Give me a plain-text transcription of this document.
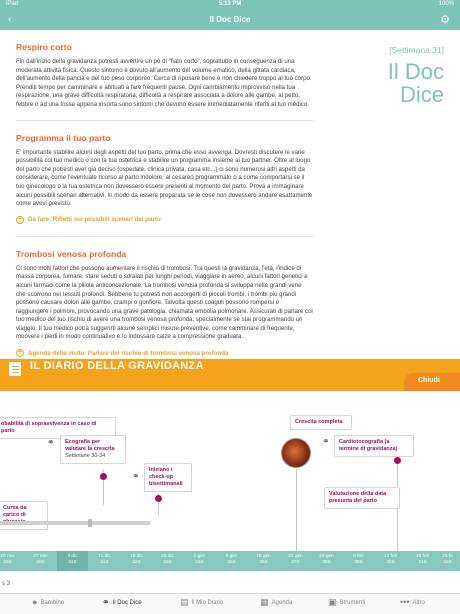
iPad	5:13 PM	100%
‹	Il Doc Dice	⚙
Respiro corto

Fin dall'inizio della gravidanza potresti avvertire un pò di "fiato corto", soprattutto in conseguenza di una moderata attività fisica. Questo sintomo è dovuto all'aumento del volume ematico, della gittata cardiaca, dell'aumento della pancia e del tuo peso corporeo. Cerca di riposare bene e non chiedere troppo al tuo corpo. Prenditi tempo per camminare e abituati a fare frequenti pause. Ogni cambiamento improvviso nella tua respirazione, una grave difficoltà respiratoria, difficoltà a respirare associata a dolore alle gambe, al petto, febbre o ad una tosse appena insorta sono sintomi che devono essere immediatamente riferiti al tuo medico.

Programma il tuo parto

E' importante stabilire alcuni degli aspetti del tuo parto, prima che esso avvenga. Dovresti discutere le varie possibilità col tuo medico o con la tua ostetrica e stabilire un programma insieme al tuo partner. Oltre al luogo del parto che potresti aver già deciso (ospedale, clinica privata, casa etc...) ci sono numerosi altri aspetti da considerare, come l'eventuale ricorso al parto indolore, al cesareo programmato o a come comportarsi se il tuo ginecologo o la tua ostetrica non dovessero essere presenti al momento del parto. Prova a immaginare alcuni possibili scenari alternativi, in modo da essere preparata se le cose non dovessero andare esattamente come avevi previsto.

+ Da fare: Rifletti sui possibili scenari del parto
Trombosi venosa profonda

Ci sono molti fattori che possono aumentare il rischio di trombosi. Tra questi la gravidanza, l'età, l'indice di massa corporea, fumare, stare seduti o sdraiati per lunghi periodi, viaggiare in aereo, alcuni fattori genetici e alcuni farmaci come la pillola anticoncezionale. La trombosi venosa profonda si sviluppa nelle grandi vene che scorrono nei tessuti profondi. Sebbene tu potresti non accorgerti di piccoli trombi, i trombi più grandi possono causare dolori alle gambe, crampi o gonfiore. Talvolta questi coaguli possono rompersi e raggiungere i polmoni, provocando una grave patologia, chiamata embolia polmonare. Assicurati di parlare col tuo medico del tuo rischio di avere una trombosi venosa profonda, specialmente se stai programmando un viaggio. Il tuo medico potrà suggerirti alcune semplici misure preventive, come camminare di frequente, muovere i piedi in modo continuativo e /o indossare calze a compressione graduata.

+ Agenda delle visite: Parlare del rischio di trombosi venosa profonda
[Settimana 31]
Il Doc
Dice
IL DIARIO DELLA GRAVIDANZA
Chiudi
obabilità di sopravvivenza in caso di parto
⚭ Ecografia per valutare la crescita
Settimane 30-34
⚭
Iniziano i check-up bisettimanali
Curva da carico di
Crescita completa
⚭	Cardiotocografia (a termine di gravidanza)
Valutazione della data presunta del parto
20 nov
29S
27 nov
30S
4 dic
31S
11 dic
31S
18 dic
32S
25 dic
33S
1 gen
34S
8 gen
35S
15 gen
36S
22 gen
37S
29 gen
38S
5 feb
39S
12 feb
40S
19 feb
41S
26 fe
42S
s 3
● Bambino	⚭ Il Doc Dice	▤ Il Mio Diario	▦ Agenda	▣ Strumenti	••• Altro
